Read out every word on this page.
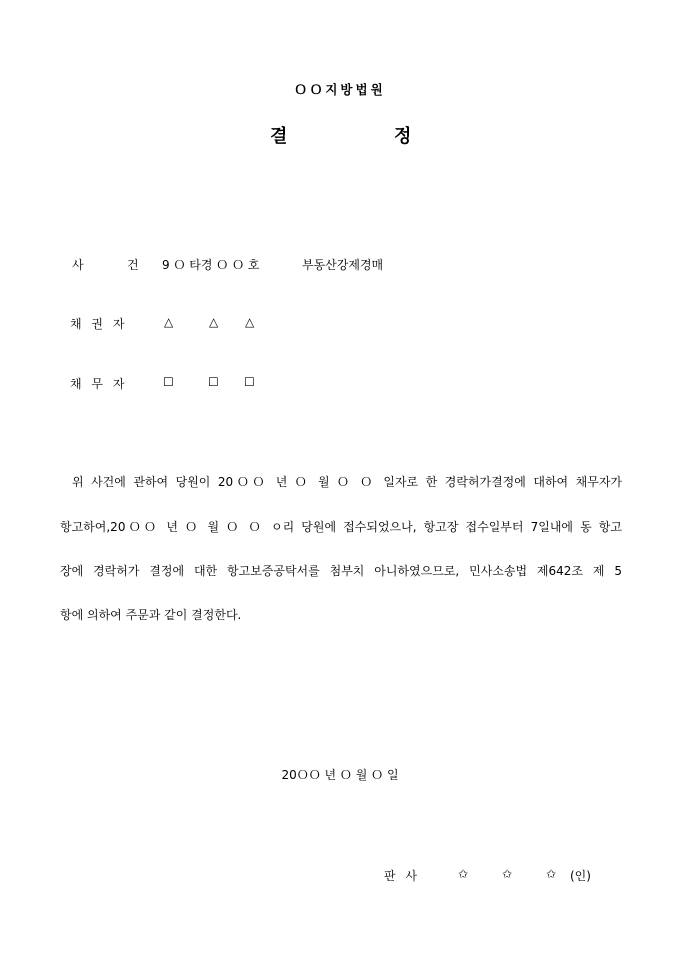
ＯＯ지방법원
결	정
사	건 9 Ｏ 타경 Ｏ Ｏ 호	부동산강제경매
채 권 자	△	△ △
채 무 자	☐	☐ ☐
위 사건에 관하여 당원이 20ＯＯ 년 Ｏ 월 Ｏ Ｏ 일자로 한 경락허가결정에 대하여 채무자가
항고하여,20ＯＯ 년 Ｏ 월 Ｏ Ｏ ㅇ리 당원에 접수되었으나, 항고장 접수일부터 7일내에 동 항고
장에 경락허가 결정에 대한 항고보증공탁서를 첨부치 아니하였으므로, 민사소송법 제642조 제 5
항에 의하여 주문과 같이 결정한다.
20ＯＯ 년 Ｏ 월 Ｏ 일
판 사	✩	✩	✩ (인)
